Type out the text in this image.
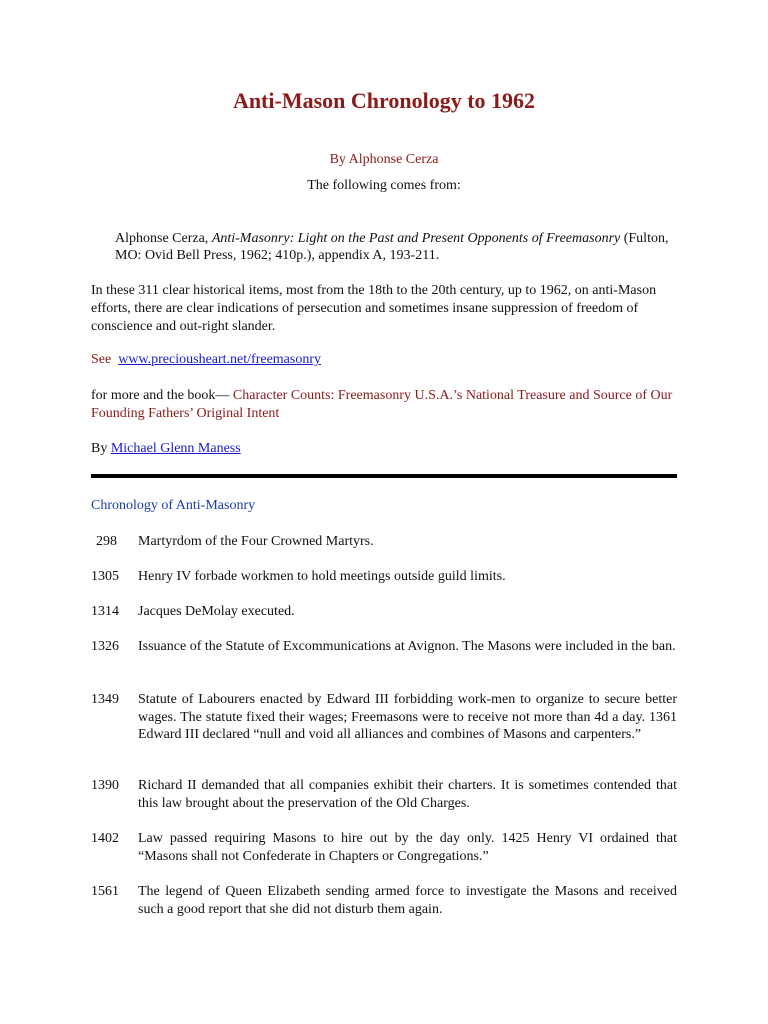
Anti-Mason Chronology to 1962
By Alphonse Cerza
The following comes from:
Alphonse Cerza, Anti-Masonry: Light on the Past and Present Opponents of Freemasonry (Fulton, MO: Ovid Bell Press, 1962; 410p.), appendix A, 193-211.
In these 311 clear historical items, most from the 18th to the 20th century, up to 1962, on anti-Mason efforts, there are clear indications of persecution and sometimes insane suppression of freedom of conscience and out-right slander.
See www.preciousheart.net/freemasonry
for more and the book— Character Counts: Freemasonry U.S.A.’s National Treasure and Source of Our Founding Fathers’ Original Intent
By Michael Glenn Maness
Chronology of Anti-Masonry
298	Martyrdom of the Four Crowned Martyrs.
1305	Henry IV forbade workmen to hold meetings outside guild limits.
1314	Jacques DeMolay executed.
1326	Issuance of the Statute of Excommunications at Avignon. The Masons were included in the ban.
1349	Statute of Labourers enacted by Edward III forbidding work-men to organize to secure better wages. The statute fixed their wages; Freemasons were to receive not more than 4d a day. 1361 Edward III declared “null and void all alliances and combines of Masons and carpenters.”
1390	Richard II demanded that all companies exhibit their charters. It is sometimes contended that this law brought about the preservation of the Old Charges.
1402	Law passed requiring Masons to hire out by the day only. 1425 Henry VI ordained that “Masons shall not Confederate in Chapters or Congregations.”
1561	The legend of Queen Elizabeth sending armed force to investigate the Masons and received such a good report that she did not disturb them again.
